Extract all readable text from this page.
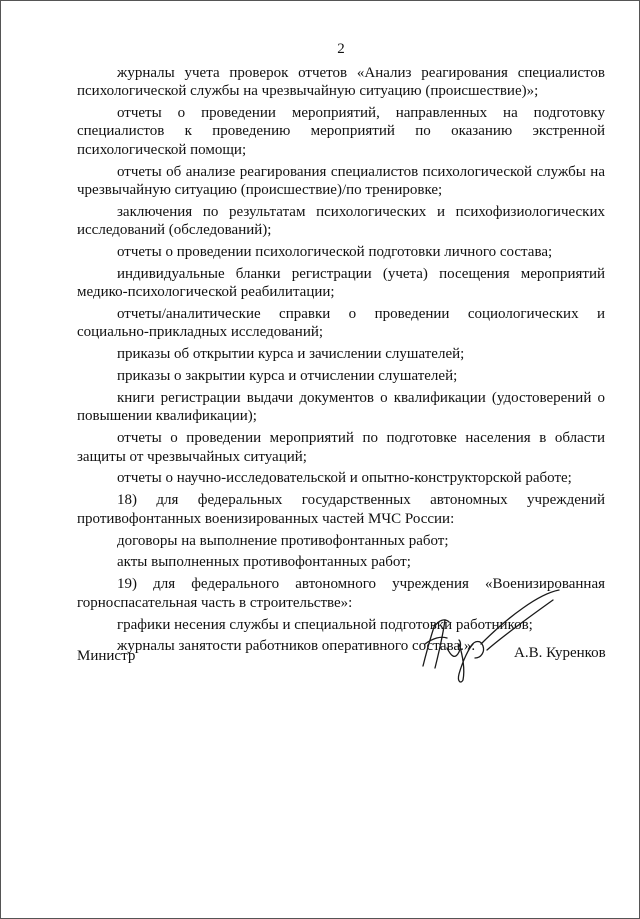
2

журналы учета проверок отчетов «Анализ реагирования специалистов психологической службы на чрезвычайную ситуацию (происшествие)»;

отчеты о проведении мероприятий, направленных на подготовку специалистов к проведению мероприятий по оказанию экстренной психологической помощи;

отчеты об анализе реагирования специалистов психологической службы на чрезвычайную ситуацию (происшествие)/по тренировке;

заключения по результатам психологических и психофизиологических исследований (обследований);

отчеты о проведении психологической подготовки личного состава;

индивидуальные бланки регистрации (учета) посещения мероприятий медико-психологической реабилитации;

отчеты/аналитические справки о проведении социологических и социально-прикладных исследований;

приказы об открытии курса и зачислении слушателей;

приказы о закрытии курса и отчислении слушателей;

книги регистрации выдачи документов о квалификации (удостоверений о повышении квалификации);

отчеты о проведении мероприятий по подготовке населения в области защиты от чрезвычайных ситуаций;

отчеты о научно-исследовательской и опытно-конструкторской работе;

18) для федеральных государственных автономных учреждений противофонтанных военизированных частей МЧС России:

договоры на выполнение противофонтанных работ;

акты выполненных противофонтанных работ;

19) для федерального автономного учреждения «Военизированная горноспасательная часть в строительстве»:

графики несения службы и специальной подготовки работников;

журналы занятости работников оперативного состава.».

Министр	А.В. Куренков
